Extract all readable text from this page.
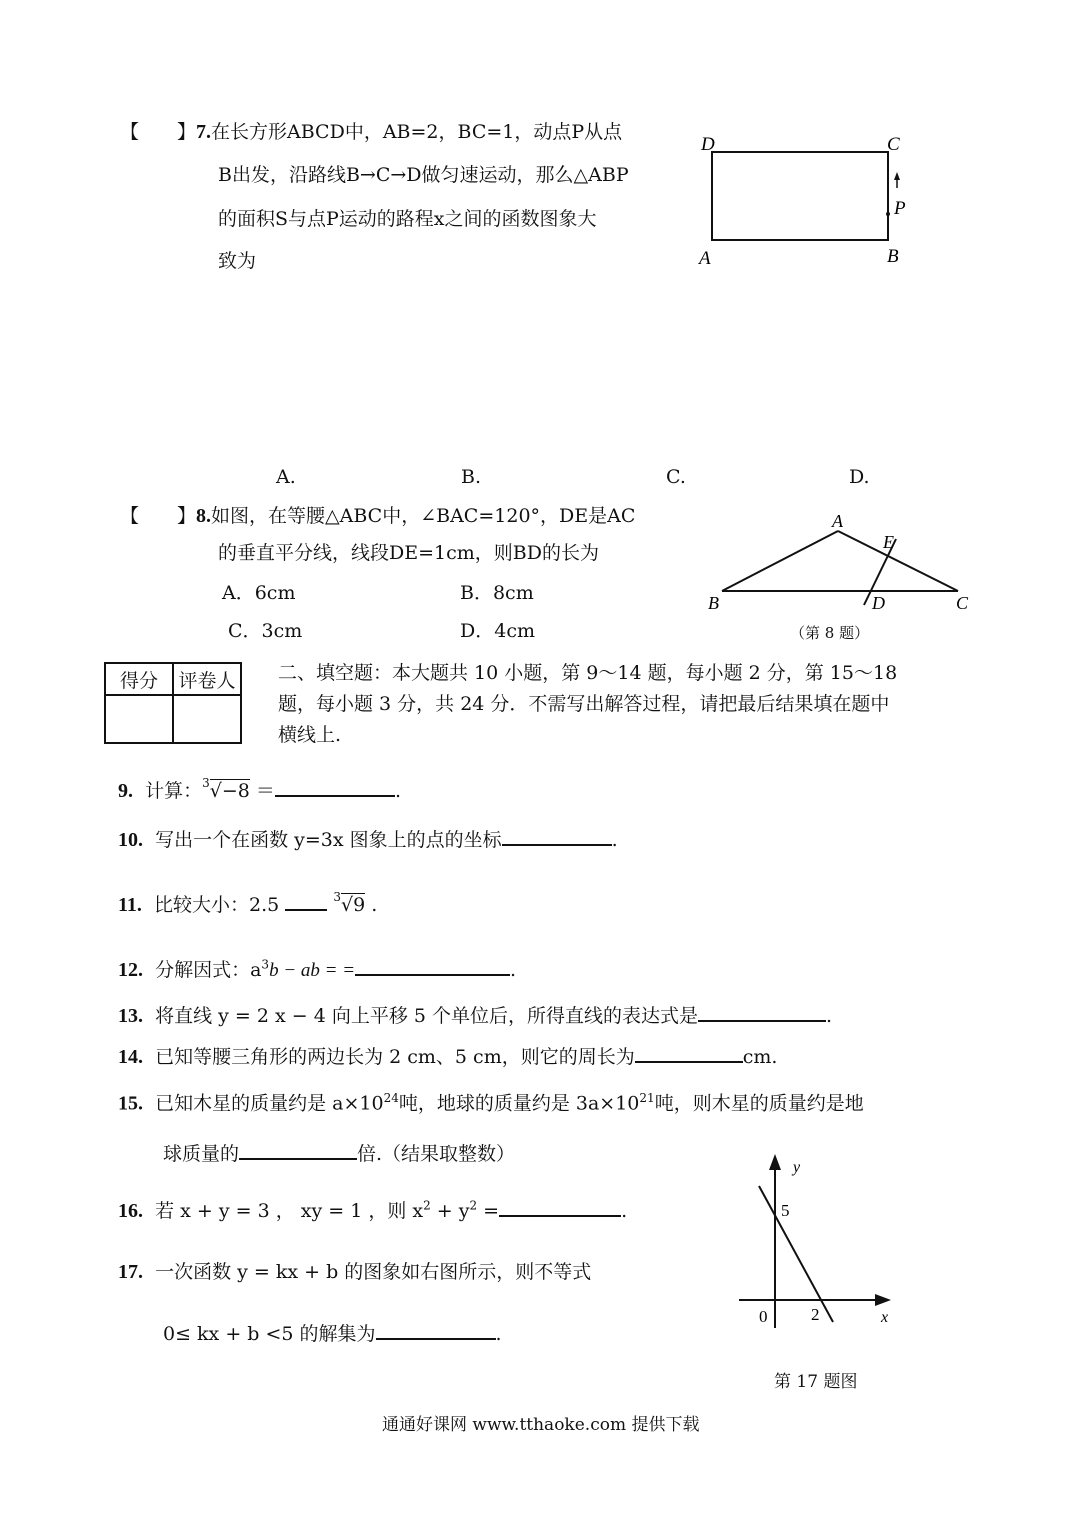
【　　】7.在长方形ABCD中，AB=2，BC=1，动点P从点
B出发，沿路线B→C→D做匀速运动，那么△ABP
的面积S与点P运动的路程x之间的函数图象大
致为
D	C
A	B
P
A.	B.	C.	D.
【　　】8.如图，在等腰△ABC中，∠BAC=120°，DE是AC
的垂直平分线，线段DE=1cm，则BD的长为
A．6cm	B．8cm
C．3cm	D．4cm
A
E
B	D	C
（第 8 题）
得分	评卷人
	二、填空题：本大题共 10 小题，第 9～14 题，每小题 2 分，第 15～18
题，每小题 3 分，共 24 分．不需写出解答过程，请把最后结果填在题中
横线上.
9. 计算：$^3$√−8 ＝	.
10. 写出一个在函数 y=3x 图象上的点的坐标	.
11. 比较大小：2.5	$^3$√9 .
12. 分解因式：$a^3b$ − ab = =	.
13. 将直线 y = 2 x − 4 向上平移 5 个单位后，所得直线的表达式是	.
14. 已知等腰三角形的两边长为 2 cm、5 cm，则它的周长为	cm.
15. 已知木星的质量约是 $a\times 10^{24}$吨，地球的质量约是 $3a\times 10^{21}$吨，则木星的质量约是地
球质量的	倍.（结果取整数）
16. 若 x + y = 3 ， xy = 1 ，则 $x^2 + y^2$ =	.
17. 一次函数 y = kx + b 的图象如右图所示，则不等式
0≤ kx + b <5 的解集为	.
y
x
0	2
5
第 17 题图
通通好课网 www.tthaoke.com 提供下载
